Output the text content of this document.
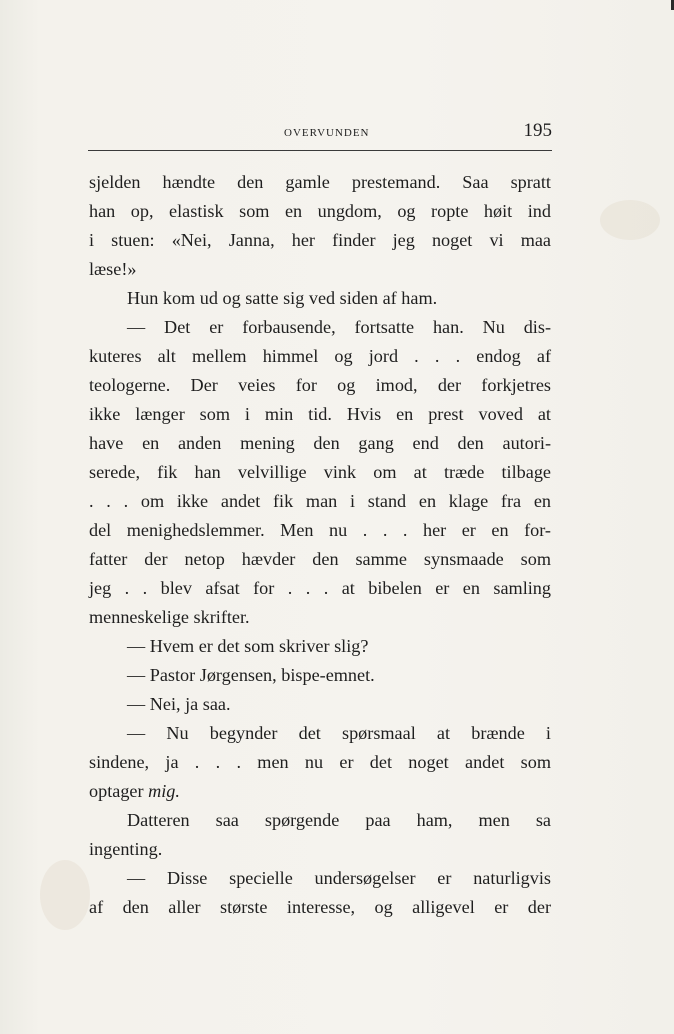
OVERVUNDEN	195
sjelden hændte den gamle prestemand. Saa spratt
han op, elastisk som en ungdom, og ropte høit ind
i stuen: «Nei, Janna, her finder jeg noget vi maa
læse!»
Hun kom ud og satte sig ved siden af ham.
— Det er forbausende, fortsatte han. Nu dis-
kuteres alt mellem himmel og jord . . . endog af
teologerne. Der veies for og imod, der forkjetres
ikke længer som i min tid. Hvis en prest voved at
have en anden mening den gang end den autori-
serede, fik han velvillige vink om at træde tilbage
. . . om ikke andet fik man i stand en klage fra en
del menighedslemmer. Men nu . . . her er en for-
fatter der netop hævder den samme synsmaade som
jeg . . blev afsat for . . . at bibelen er en samling
menneskelige skrifter.
— Hvem er det som skriver slig?
— Pastor Jørgensen, bispe-emnet.
— Nei, ja saa.
— Nu begynder det spørsmaal at brænde i
sindene, ja . . . men nu er det noget andet som
optager mig.
Datteren saa spørgende paa ham, men sa
ingenting.
— Disse specielle undersøgelser er naturligvis
af den aller største interesse, og alligevel er der
